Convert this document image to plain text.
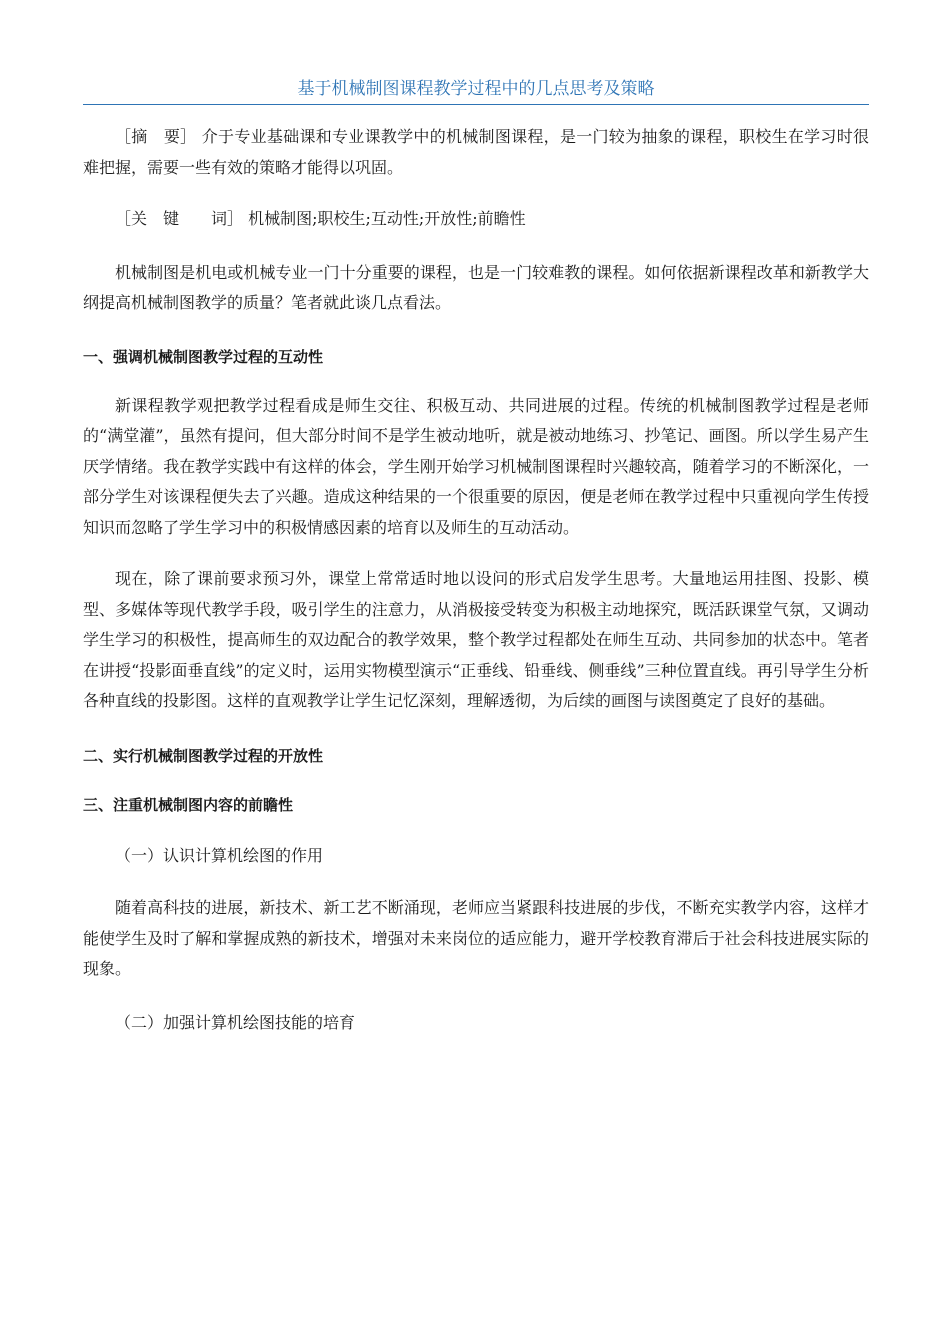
基于机械制图课程教学过程中的几点思考及策略

［摘　要］ 介于专业基础课和专业课教学中的机械制图课程，是一门较为抽象的课程，职校生在学习时很难把握，需要一些有效的策略才能得以巩固。

［关　键　　词］ 机械制图;职校生;互动性;开放性;前瞻性

机械制图是机电或机械专业一门十分重要的课程，也是一门较难教的课程。如何依据新课程改革和新教学大纲提高机械制图教学的质量？笔者就此谈几点看法。

一、强调机械制图教学过程的互动性

新课程教学观把教学过程看成是师生交往、积极互动、共同进展的过程。传统的机械制图教学过程是老师的“满堂灌”，虽然有提问，但大部分时间不是学生被动地听，就是被动地练习、抄笔记、画图。所以学生易产生厌学情绪。我在教学实践中有这样的体会，学生刚开始学习机械制图课程时兴趣较高，随着学习的不断深化，一部分学生对该课程便失去了兴趣。造成这种结果的一个很重要的原因，便是老师在教学过程中只重视向学生传授知识而忽略了学生学习中的积极情感因素的培育以及师生的互动活动。

现在，除了课前要求预习外，课堂上常常适时地以设问的形式启发学生思考。大量地运用挂图、投影、模型、多媒体等现代教学手段，吸引学生的注意力，从消极接受转变为积极主动地探究，既活跃课堂气氛，又调动学生学习的积极性，提高师生的双边配合的教学效果，整个教学过程都处在师生互动、共同参加的状态中。笔者在讲授“投影面垂直线”的定义时，运用实物模型演示“正垂线、铅垂线、侧垂线”三种位置直线。再引导学生分析各种直线的投影图。这样的直观教学让学生记忆深刻，理解透彻，为后续的画图与读图奠定了良好的基础。

二、实行机械制图教学过程的开放性
三、注重机械制图内容的前瞻性

（一）认识计算机绘图的作用

随着高科技的进展，新技术、新工艺不断涌现，老师应当紧跟科技进展的步伐，不断充实教学内容，这样才能使学生及时了解和掌握成熟的新技术，增强对未来岗位的适应能力，避开学校教育滞后于社会科技进展实际的现象。

（二）加强计算机绘图技能的培育
